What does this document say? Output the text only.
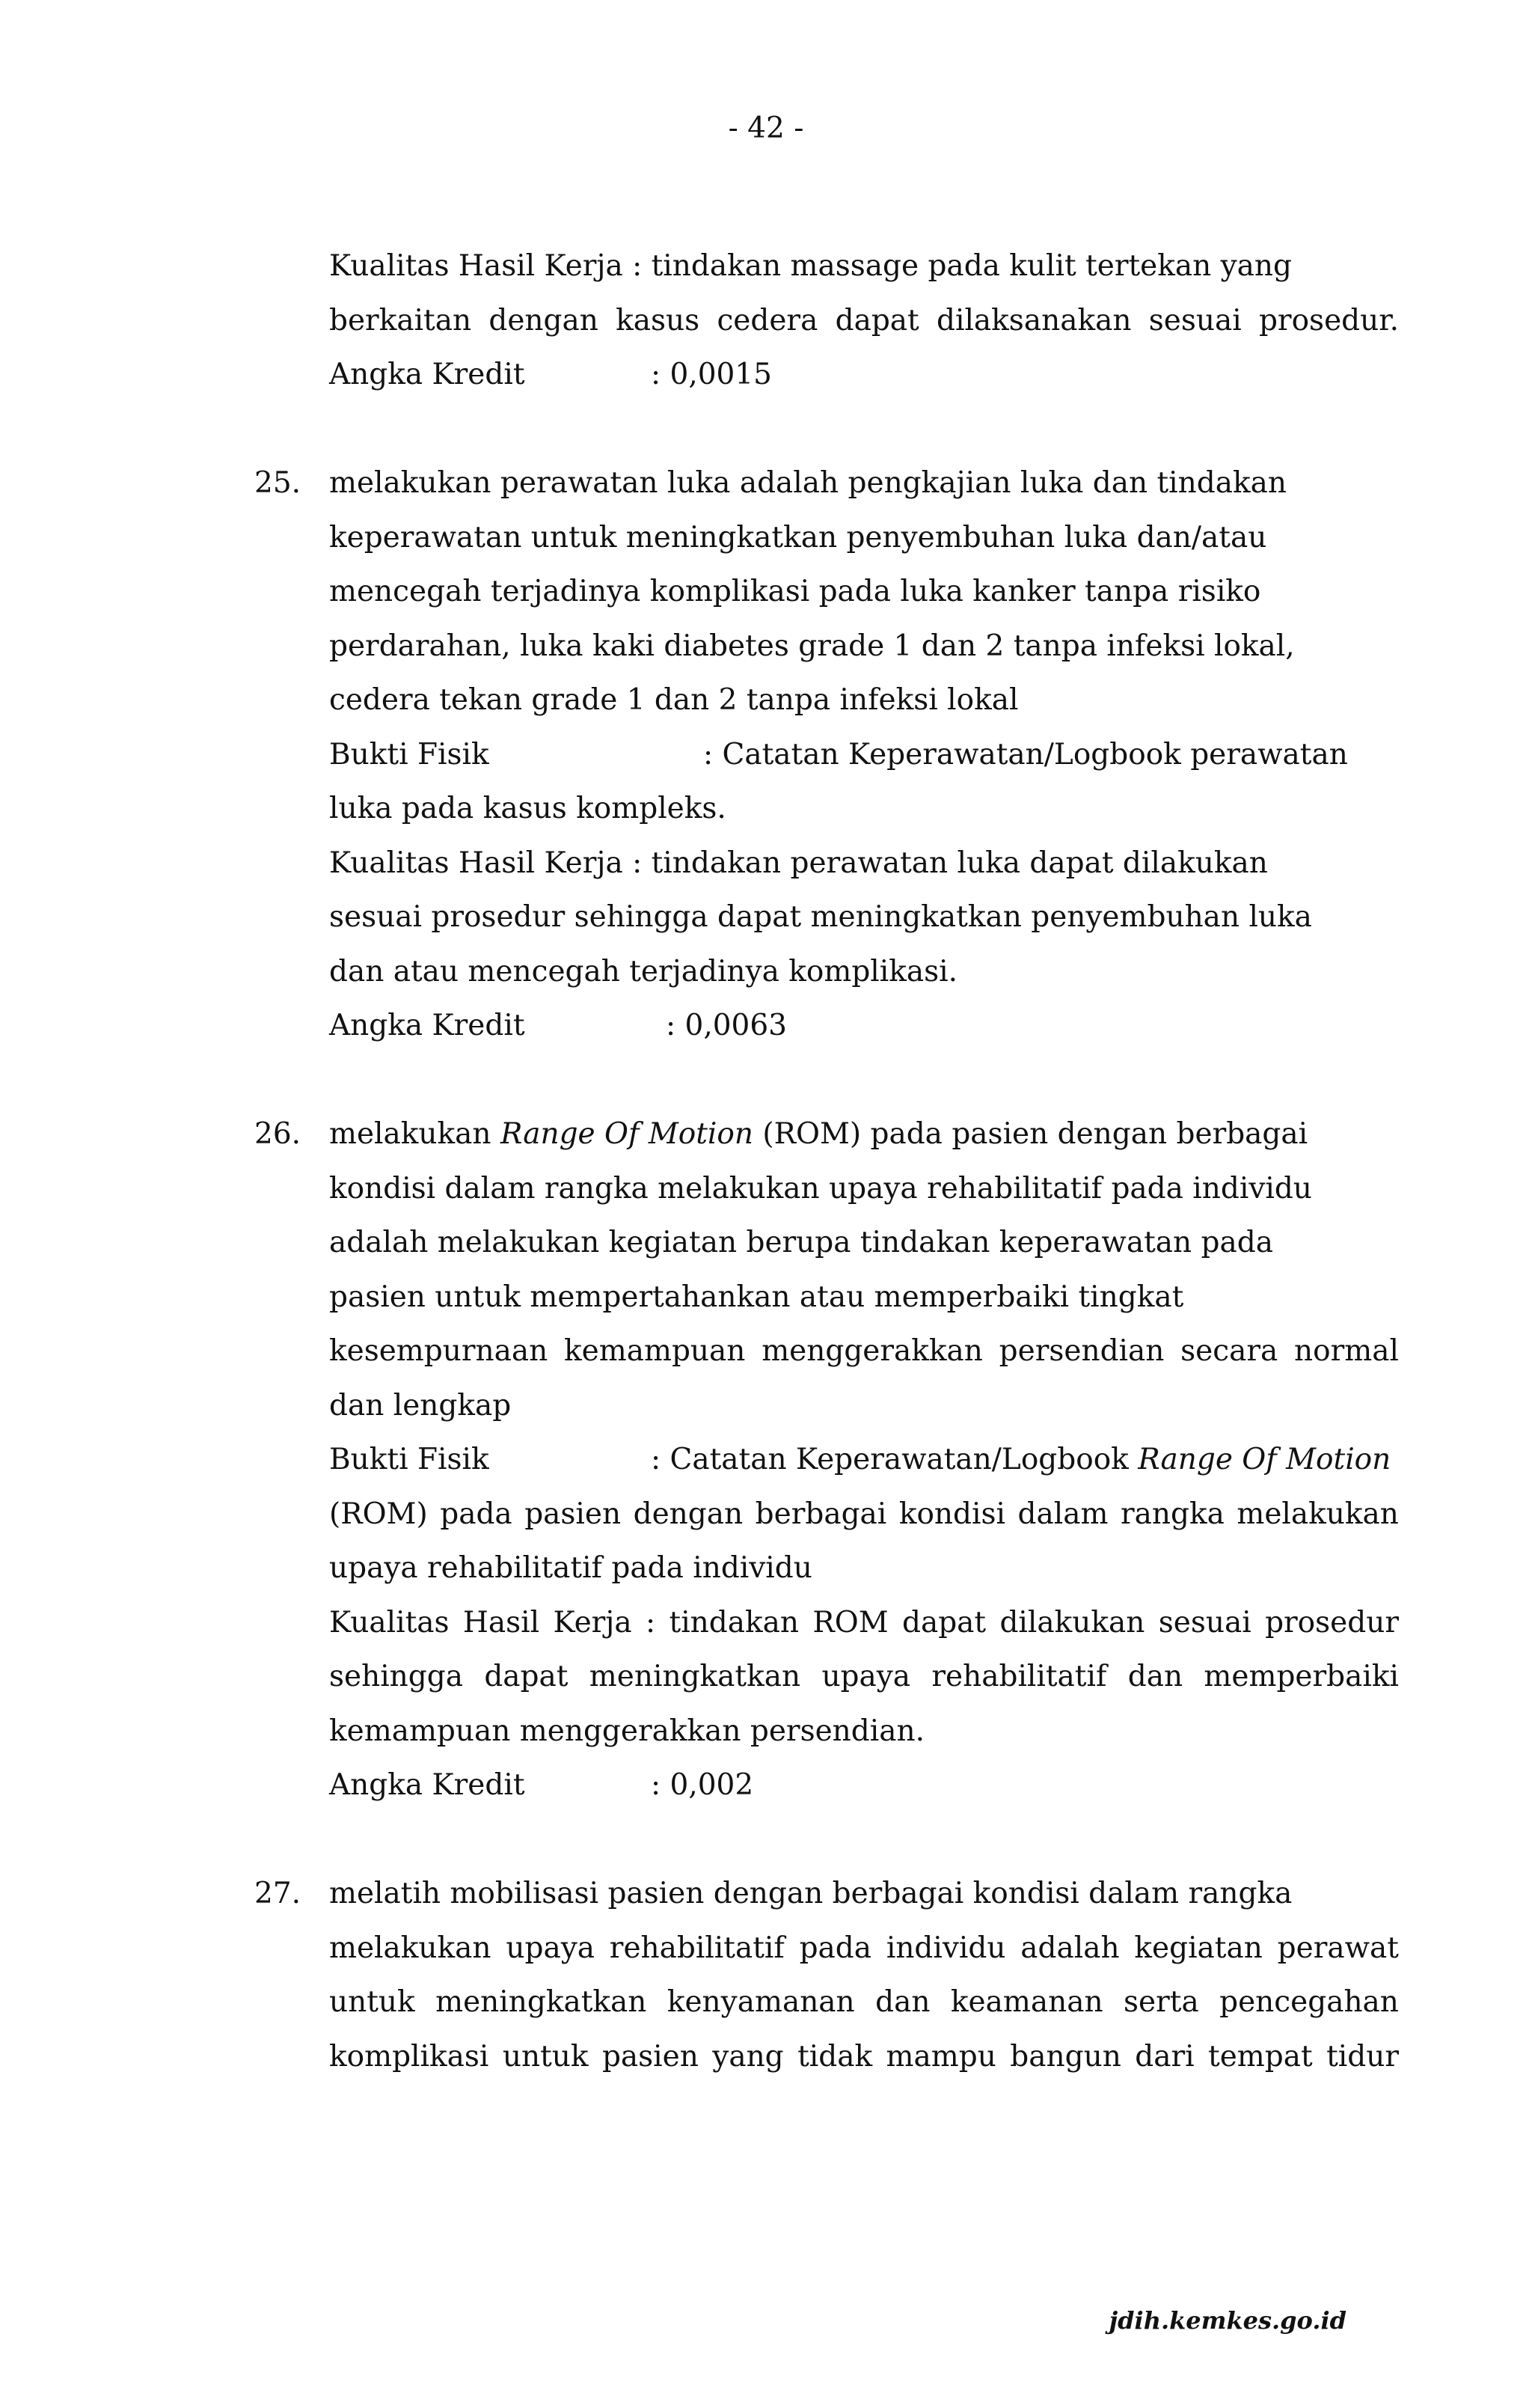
- 42 -
Kualitas Hasil Kerja : tindakan massage pada kulit tertekan yang
berkaitan dengan kasus cedera dapat dilaksanakan sesuai prosedur.
Angka Kredit	: 0,0015
25. melakukan perawatan luka adalah pengkajian luka dan tindakan
keperawatan untuk meningkatkan penyembuhan luka dan/atau
mencegah terjadinya komplikasi pada luka kanker tanpa risiko
perdarahan, luka kaki diabetes grade 1 dan 2 tanpa infeksi lokal,
cedera tekan grade 1 dan 2 tanpa infeksi lokal
Bukti Fisik	: Catatan Keperawatan/Logbook perawatan
luka pada kasus kompleks.
Kualitas Hasil Kerja : tindakan perawatan luka dapat dilakukan
sesuai prosedur sehingga dapat meningkatkan penyembuhan luka
dan atau mencegah terjadinya komplikasi.
Angka Kredit	: 0,0063
26. melakukan Range Of Motion (ROM) pada pasien dengan berbagai
kondisi dalam rangka melakukan upaya rehabilitatif pada individu
adalah melakukan kegiatan berupa tindakan keperawatan pada
pasien untuk mempertahankan atau memperbaiki tingkat
kesempurnaan kemampuan menggerakkan persendian secara normal
dan lengkap
Bukti Fisik	: Catatan Keperawatan/Logbook
Range Of Motion
(ROM) pada pasien dengan berbagai kondisi dalam rangka melakukan
upaya rehabilitatif pada individu
Kualitas Hasil Kerja : tindakan ROM dapat dilakukan sesuai prosedur
sehingga dapat meningkatkan upaya rehabilitatif dan memperbaiki
kemampuan menggerakkan persendian.
Angka Kredit	: 0,002
27. melatih mobilisasi pasien dengan berbagai kondisi dalam rangka
melakukan upaya rehabilitatif pada individu adalah kegiatan perawat
untuk meningkatkan kenyamanan dan keamanan serta pencegahan
komplikasi untuk pasien yang tidak mampu bangun dari tempat tidur
jdih.kemkes.go.id
